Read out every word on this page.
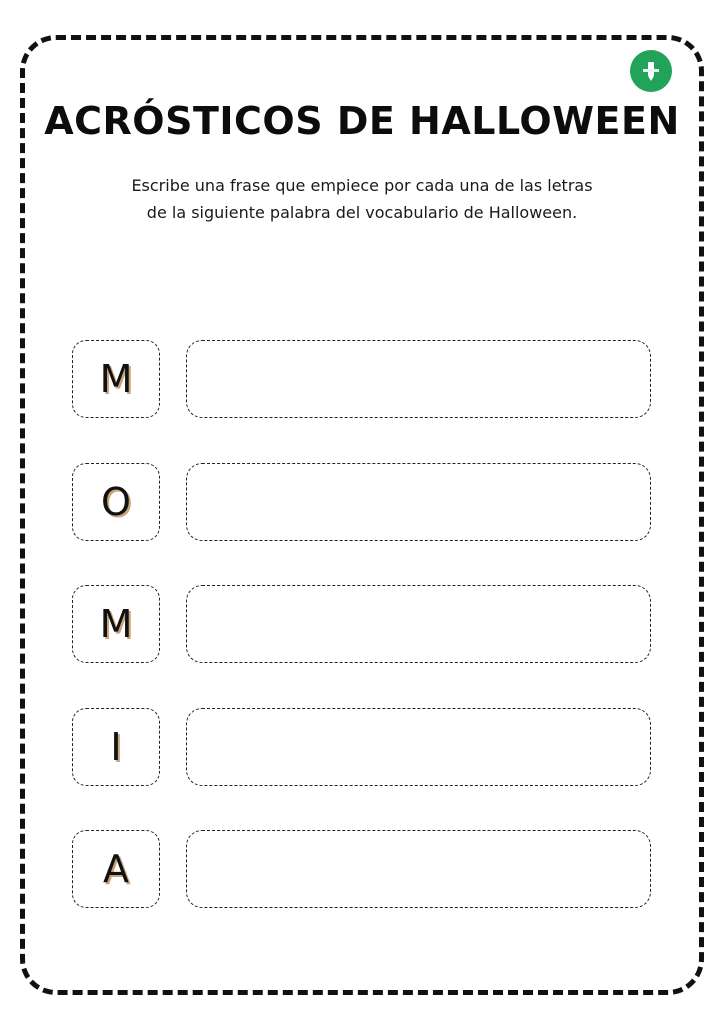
ACRÓSTICOS DE HALLOWEEN
Escribe una frase que empiece por cada una de las letras
de la siguiente palabra del vocabulario de Halloween.
M
O
M
I
A
